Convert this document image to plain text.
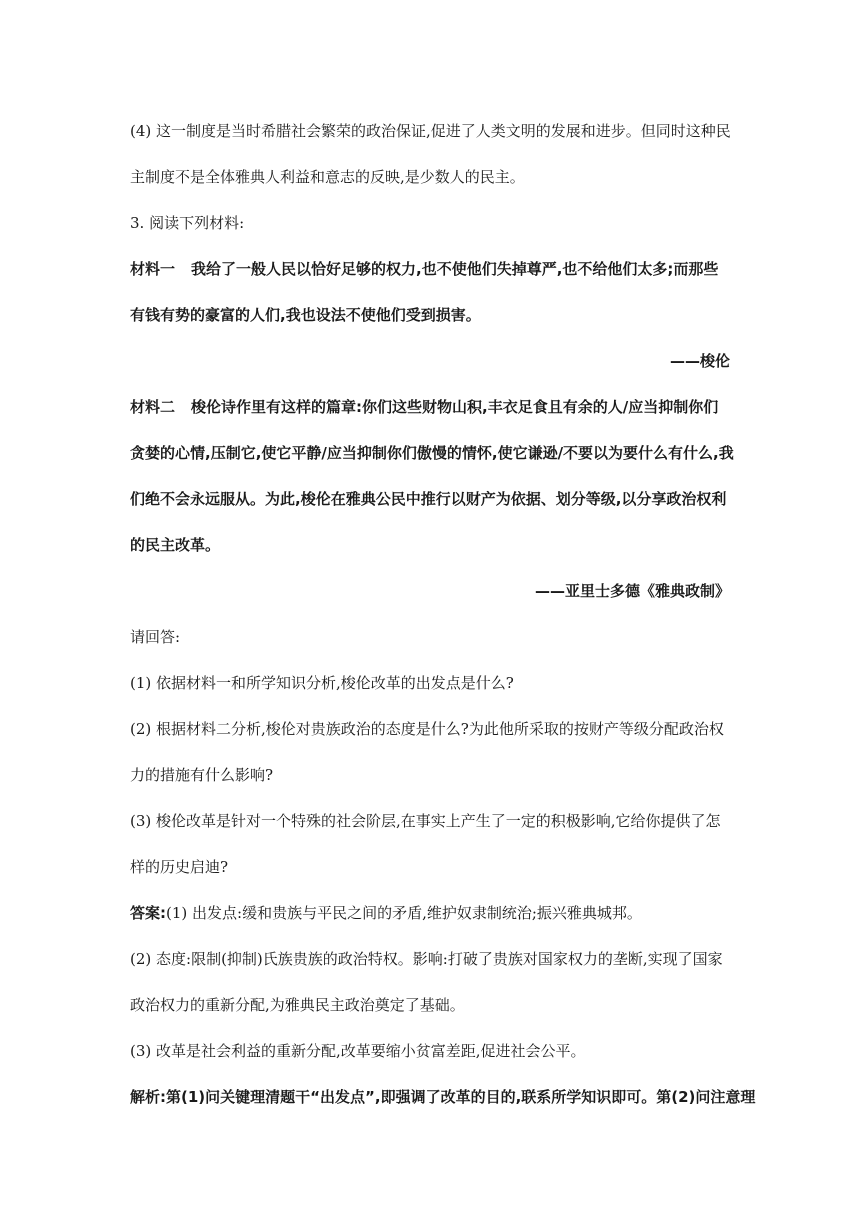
(4) 这一制度是当时希腊社会繁荣的政治保证,促进了人类文明的发展和进步。但同时这种民

主制度不是全体雅典人利益和意志的反映,是少数人的民主。

3. 阅读下列材料:

材料一 我给了一般人民以恰好足够的权力,也不使他们失掉尊严,也不给他们太多;而那些

有钱有势的豪富的人们,我也设法不使他们受到损害。

——梭伦

材料二 梭伦诗作里有这样的篇章:你们这些财物山积,丰衣足食且有余的人/应当抑制你们

贪婪的心情,压制它,使它平静/应当抑制你们傲慢的情怀,使它谦逊/不要以为要什么有什么,我

们绝不会永远服从。为此,梭伦在雅典公民中推行以财产为依据、划分等级,以分享政治权利

的民主改革。

——亚里士多德《雅典政制》

请回答:

(1) 依据材料一和所学知识分析,梭伦改革的出发点是什么?

(2) 根据材料二分析,梭伦对贵族政治的态度是什么?为此他所采取的按财产等级分配政治权

力的措施有什么影响?

(3) 梭伦改革是针对一个特殊的社会阶层,在事实上产生了一定的积极影响,它给你提供了怎

样的历史启迪?

答案:(1) 出发点:缓和贵族与平民之间的矛盾,维护奴隶制统治;振兴雅典城邦。

(2) 态度:限制(抑制)氏族贵族的政治特权。影响:打破了贵族对国家权力的垄断,实现了国家

政治权力的重新分配,为雅典民主政治奠定了基础。

(3) 改革是社会利益的重新分配,改革要缩小贫富差距,促进社会公平。

解析:第(1)问关键理清题干“出发点”,即强调了改革的目的,联系所学知识即可。第(2)问注意理
